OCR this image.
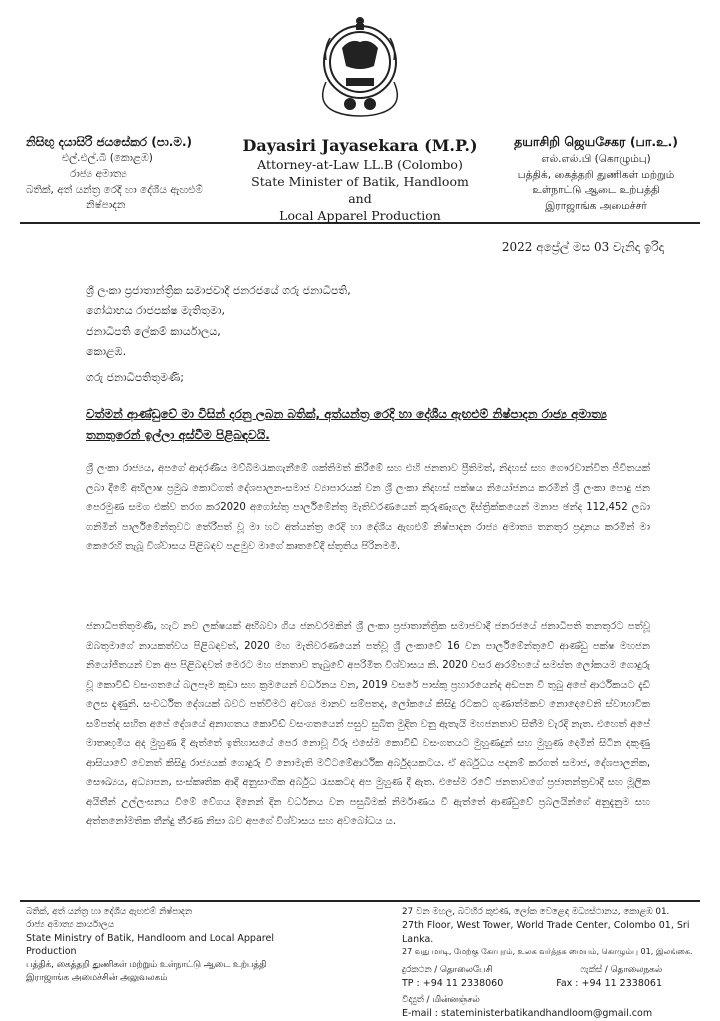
නිසිඟු දයාසිරි ජයසේකර (පා.ම.)
එල්.එල්.බී (කොළඹ)
රාජ්‍ය අමාත්‍ය
බතික්, අත් යන්ත්‍ර රෙදි හා දේශීය ඇඟළුම්
නිෂ්පාදන
Dayasiri Jayasekara (M.P.)
Attorney-at-Law LL.B (Colombo)
State Minister of Batik, Handloom and
Local Apparel Production
தயாசிறி ஜெயசேகர (பா.உ.)
எல்.எல்.பி (கொழும்பு)
பத்திக், கைத்தறி துணிகள் மற்றும்
உள்நாட்டு ஆடை உற்பத்தி
இராஜாங்க அமைச்சர்
2022 අප්‍රේල් මස 03 වැනිදා ඉරිදා
ශ්‍රී ලංකා ප්‍රජාතාන්ත්‍රික සමාජවාදී ජනරජයේ ගරු ජනාධිපති,
ගෝඨාභය රාජපක්ෂ මැතිතුමා,
ජනාධිපති ලේකම් කාර්යාලය,
කොළඹ.
ගරු ජනාධිපතිතුමණි;
වත්මන් ආණ්ඩුවේ මා විසින් දරනු ලබන බතික්, අත්යන්ත්‍ර රෙදි හා දේශීය ඇඟළුම් නිෂ්පාදන රාජ්‍ය අමාත්‍ය තනතුරෙන් ඉල්ලා අස්වීම පිළිබඳවයි.
ශ්‍රී ලංකා රාජ්‍යය, අපගේ ආදරණීය මව්බිමරැකගැනීමේ ශක්තිමත් කිරීමේ සහ එහි ජනතාව ප්‍රීතිමත්, නිදහස් සහ ගෞරවාන්විත ජීවිතයක් ලබා දීමේ අභිලාෂ ප්‍රමුඛ කොටගත් දේශපාලන-සමාජ ව්‍යාපාරයක් වන ශ්‍රී ලංකා නිදහස් පක්ෂය නියෝජනය කරමින් ශ්‍රී ලංකා පොදු ජන පෙරමුණ සමග එක්ව තරග කර2020 අගෝස්තු පාර්ලිමේන්තු මැතිවරණයෙන් කුරුණෑගල දිස්ත්‍රික්කයෙන් මනාප ඡන්ද 112,452 ලබා ගනිමින් පාර්ලිමේන්තුවට තේරීපත් වූ මා හට අත්යන්ත්‍ර රෙදි හා දේශීය ඇඟළුම් නිෂ්පාදන රාජ්‍ය අමාත්‍ය තනතුර ප්‍රදානය කරමින් මා කෙරෙහි තැබූ විශ්වාසය පිළිබඳව පළමුව මාගේ කෘතවේදී ස්තූතිය පිරිනමමි.
ජනාධිපතිතුමණි, හැට නව ලක්ෂයක් අභිබවා ගිය ජනවරමකින් ශ්‍රී ලංකා ප්‍රජාතාන්ත්‍රික සමාජවාදී ජනරජයේ ජනාධිපති තනතුරට පත්වූ ඔබතුමාගේ නායකත්වය පිළිබඳවත්, 2020 මහ මැතිවරණයෙන් පත්වූ ශ්‍රී ලංකාවේ 16 වන පාර්ලිමේන්තුවේ ආණ්ඩු පක්ෂ මහජන නියෝජිතයන් වන අප පිළිබඳවත් මෙරට මහ ජනතාව තැබුවේ අපරිමිත විශ්වාසය කි. 2020 වසර ආරම්භයේ සමස්ත ලෝකයම ගොදුරු වූ කොවිඩ් වසංගතයේ බලපෑම කුඩා සහ ක්‍රමයෙන් වර්ධනය වන, 2019 වසරේ පාස්කු ප්‍රහාරයෙන්ද අඩපන වී තුබු අපේ ආර්ථිකයට දැඩි ලෙස දැණුනි. සංවර්ධිත දේශයක් බවට පත්වීමට අවශ්‍ය මානව සම්පතද, ලෝකයේ කිසිදු රටකට ගුණාත්මකව නොදෙවෙනි ස්වාභාවික සම්පත්ද සහිත අපේ දේශයේ අනාගතය කොවිඩ් වසංගතයෙන් පසුව සුබිත මුදිත වනු ඇතැයි මහජනතාව සිතීම වැරදි නැත. එහෙත් අපේ මාතෘභූමිය අද මුහුණ දී ඇත්තේ ඉතිහාසයේ පෙර නොවූ විරූ එසේම කොවිඩ් වසංගතයට මුහුණදුන් සහ මුහුණ දෙමින් සිටින දකුණු ආසියාවේ වෙනත් කිසිදු රාජ්‍යයක් ගොදුරු වී නොමැති මට්ටමේආර්ථික අර්බුදයකටය. ඒ අර්බුධය පදනම් කරගත් සමාජ, දේශපාලනික, සෞඛ්‍යය, අධ්‍යාපන, සංස්කෘතික ආදී අනුසාංගික අර්බුධ රැසකටද අප මුහුණ දී ඇත. එසේම රටේ ජනතාවගේ ප්‍රජාතන්ත්‍රවාදී සහ මූලික අයිතීන් උල්ලංඝනය වීමේ වේගය දිනෙන් දින වර්ධනය වන පසුබිමක් නිර්මාණය වී ඇත්තේ ආණ්ඩුවේ ප්‍රබලයින්ගේ අනුදැනුම සහ අත්තනෝමතික තීන්දු තීරණ නිසා බව අපගේ විශ්වාසය සහ අවබෝධය ය.
බතික්, අත් යන්ත්‍ර හා දේශීය ඇඟළුම් නිෂ්පාදන
රාජ්‍ය අමාත්‍ය කාර්යාලය
State Ministry of Batik, Handloom and Local Apparel
Production
பத்திக், கைத்தறி துணிகள் மற்றும் உள்நாட்டு ஆடை உற்பத்தி
இராஜாங்க அமைச்சின் அலுவலகம்
27 වන මහල, බටහිර කුළුණ, ලෝක වෙළෙඳ මධ්‍යස්ථානය, කොළඹ 01.
27th Floor, West Tower, World Trade Center, Colombo 01, Sri Lanka.
27 வது மாடி, மேற்கு கோபுரம், உலக வர்த்தக மையம், கொழும்பு 01, இலங்கை.
දුරකථන / தொலைபேசி	ෆැක්ස් / தொலைநகல்
TP : +94 11 2338060	Fax : +94 11 2338061
විද්‍යුත් / மின்னஞ்சல்
E-mail : stateministerbatikandhandloom@gmail.com
